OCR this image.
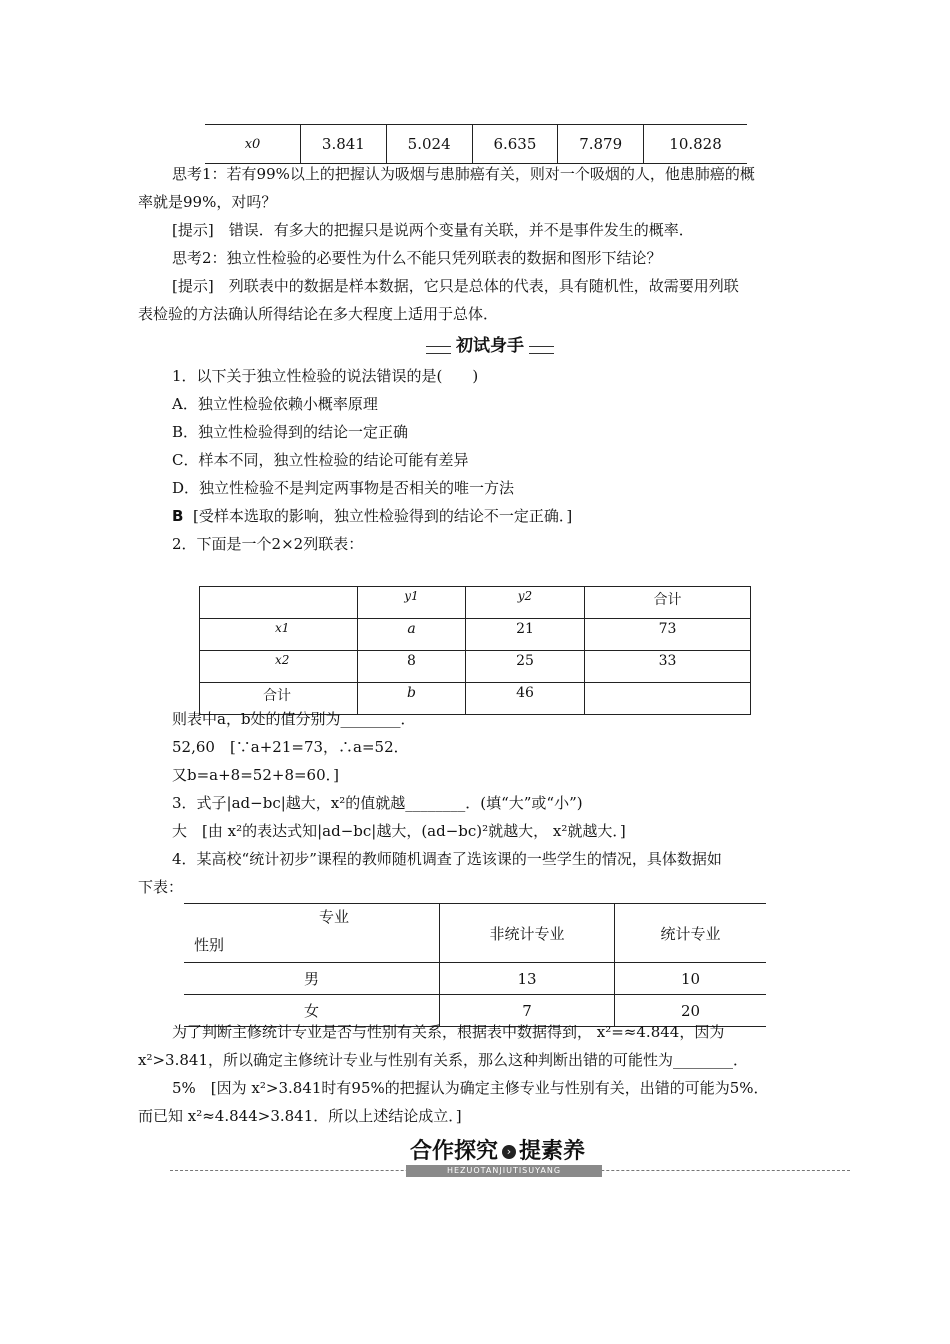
x0	3.841	5.024	6.635	7.879	10.828
思考1：若有99%以上的把握认为吸烟与患肺癌有关，则对一个吸烟的人，他患肺癌的概
率就是99%，对吗？
[提示]　错误．有多大的把握只是说两个变量有关联，并不是事件发生的概率．
思考2：独立性检验的必要性为什么不能只凭列联表的数据和图形下结论？
[提示]　列联表中的数据是样本数据，它只是总体的代表，具有随机性，故需要用列联
表检验的方法确认所得结论在多大程度上适用于总体．
初试身手
1．以下关于独立性检验的说法错误的是(　　)
A．独立性检验依赖小概率原理
B．独立性检验得到的结论一定正确
C．样本不同，独立性检验的结论可能有差异
D．独立性检验不是判定两事物是否相关的唯一方法
B [受样本选取的影响，独立性检验得到的结论不一定正确．]
2．下面是一个2×2列联表：
	y1	y2	合计
x1	a	21	73
x2	8	25	33
合计	b	46	
则表中a，b处的值分别为________．
52,60　[∵a+21=73，∴a=52．
又b=a+8=52+8=60．]
3．式子|ad−bc|越大，x²的值就越________．(填“大”或“小”)
大　[由 x²的表达式知|ad−bc|越大，(ad−bc)²就越大， x²就越大．]
4．某高校“统计初步”课程的教师随机调查了选该课的一些学生的情况，具体数据如
下表：
专业
性别	非统计专业	统计专业
男	13	10
女	7	20
为了判断主修统计专业是否与性别有关系，根据表中数据得到， x²=≈4.844，因为
x²>3.841，所以确定主修统计专业与性别有关系，那么这种判断出错的可能性为________．
5%　[因为 x²>3.841时有95%的把握认为确定主修专业与性别有关，出错的可能为5%．
而已知 x²≈4.844>3.841．所以上述结论成立．]
合作探究 › 提素养
HEZUOTANJIUTISUYANG
